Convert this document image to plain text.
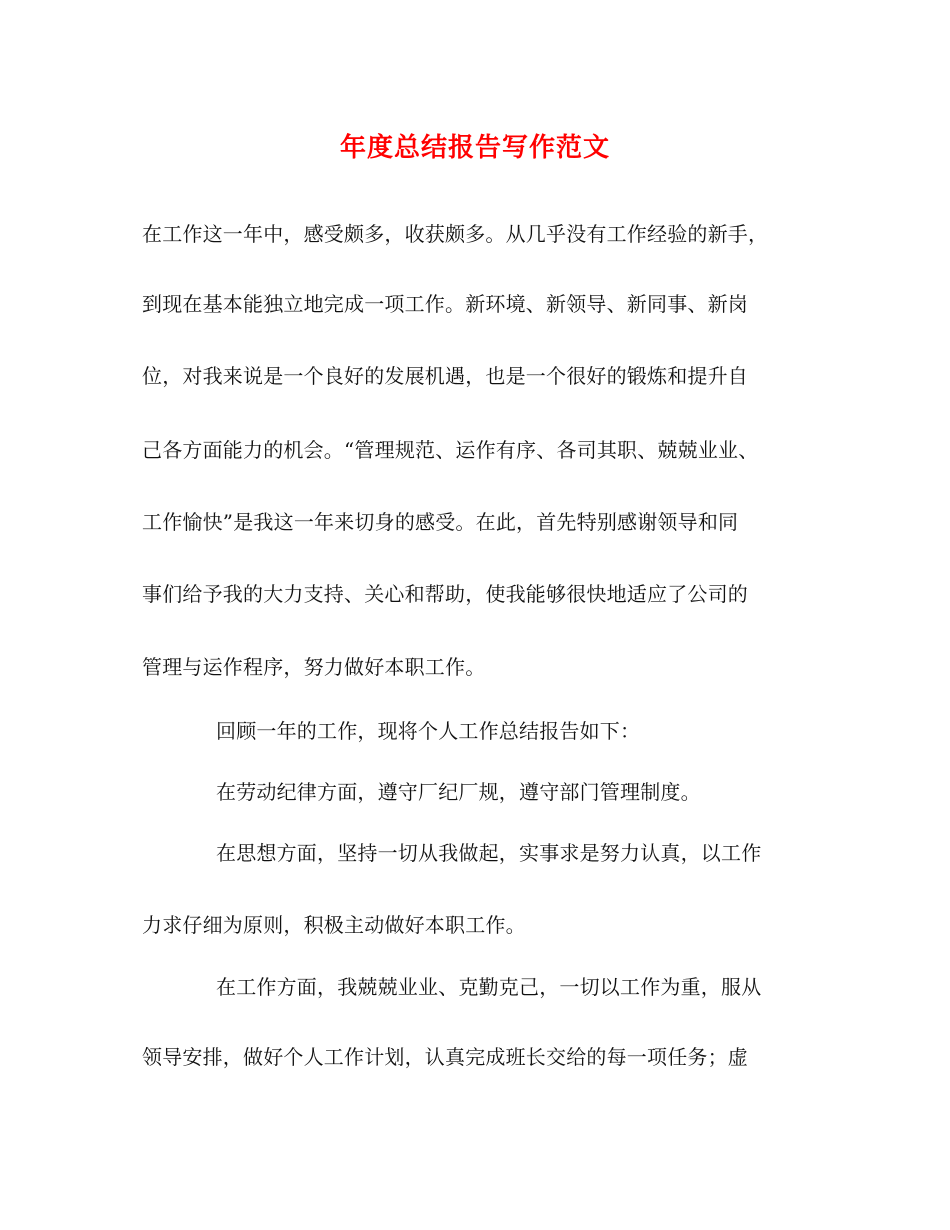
年度总结报告写作范文
在工作这一年中，感受颇多，收获颇多。从几乎没有工作经验的新手，
到现在基本能独立地完成一项工作。新环境、新领导、新同事、新岗
位，对我来说是一个良好的发展机遇，也是一个很好的锻炼和提升自
己各方面能力的机会。“管理规范、运作有序、各司其职、兢兢业业、
工作愉快”是我这一年来切身的感受。在此，首先特别感谢领导和同
事们给予我的大力支持、关心和帮助，使我能够很快地适应了公司的
管理与运作程序，努力做好本职工作。
回顾一年的工作，现将个人工作总结报告如下：
在劳动纪律方面，遵守厂纪厂规，遵守部门管理制度。
在思想方面，坚持一切从我做起，实事求是努力认真，以工作
力求仔细为原则，积极主动做好本职工作。
在工作方面，我兢兢业业、克勤克己，一切以工作为重，服从
领导安排，做好个人工作计划，认真完成班长交给的每一项任务；虚
